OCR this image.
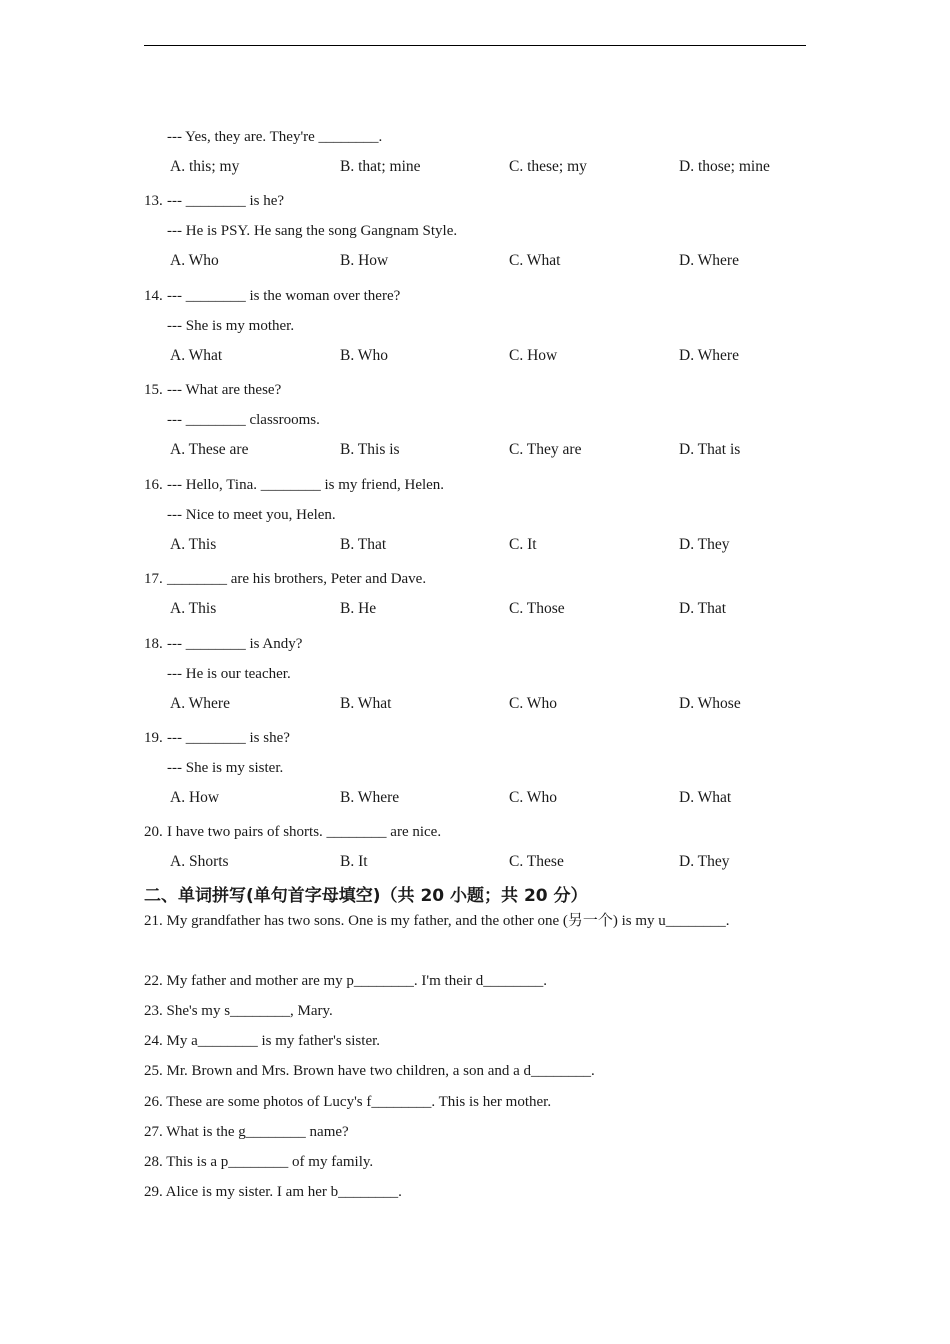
--- Yes, they are. They're ________.
A. this; my	B. that; mine	C. these; my	D. those; mine
13. --- ________ is he?
--- He is PSY. He sang the song Gangnam Style.
A. Who	B. How	C. What	D. Where
14. --- ________ is the woman over there?
--- She is my mother.
A. What	B. Who	C. How	D. Where
15. --- What are these?
--- ________ classrooms.
A. These are	B. This is	C. They are	D. That is
16. --- Hello, Tina. ________ is my friend, Helen.
--- Nice to meet you, Helen.
A. This	B. That	C. It	D. They
17. ________ are his brothers, Peter and Dave.
A. This	B. He	C. Those	D. That
18. --- ________ is Andy?
--- He is our teacher.
A. Where	B. What	C. Who	D. Whose
19. --- ________ is she?
--- She is my sister.
A. How	B. Where	C. Who	D. What
20. I have two pairs of shorts. ________ are nice.
A. Shorts	B. It	C. These	D. They
二、单词拼写(单句首字母填空)（共 20 小题；共 20 分）
21. My grandfather has two sons. One is my father, and the other one (另一个) is my u________.
22. My father and mother are my p________. I'm their d________.
23. She's my s________, Mary.
24. My a________ is my father's sister.
25. Mr. Brown and Mrs. Brown have two children, a son and a d________.
26. These are some photos of Lucy's f________. This is her mother.
27. What is the g________ name?
28. This is a p________ of my family.
29. Alice is my sister. I am her b________.
